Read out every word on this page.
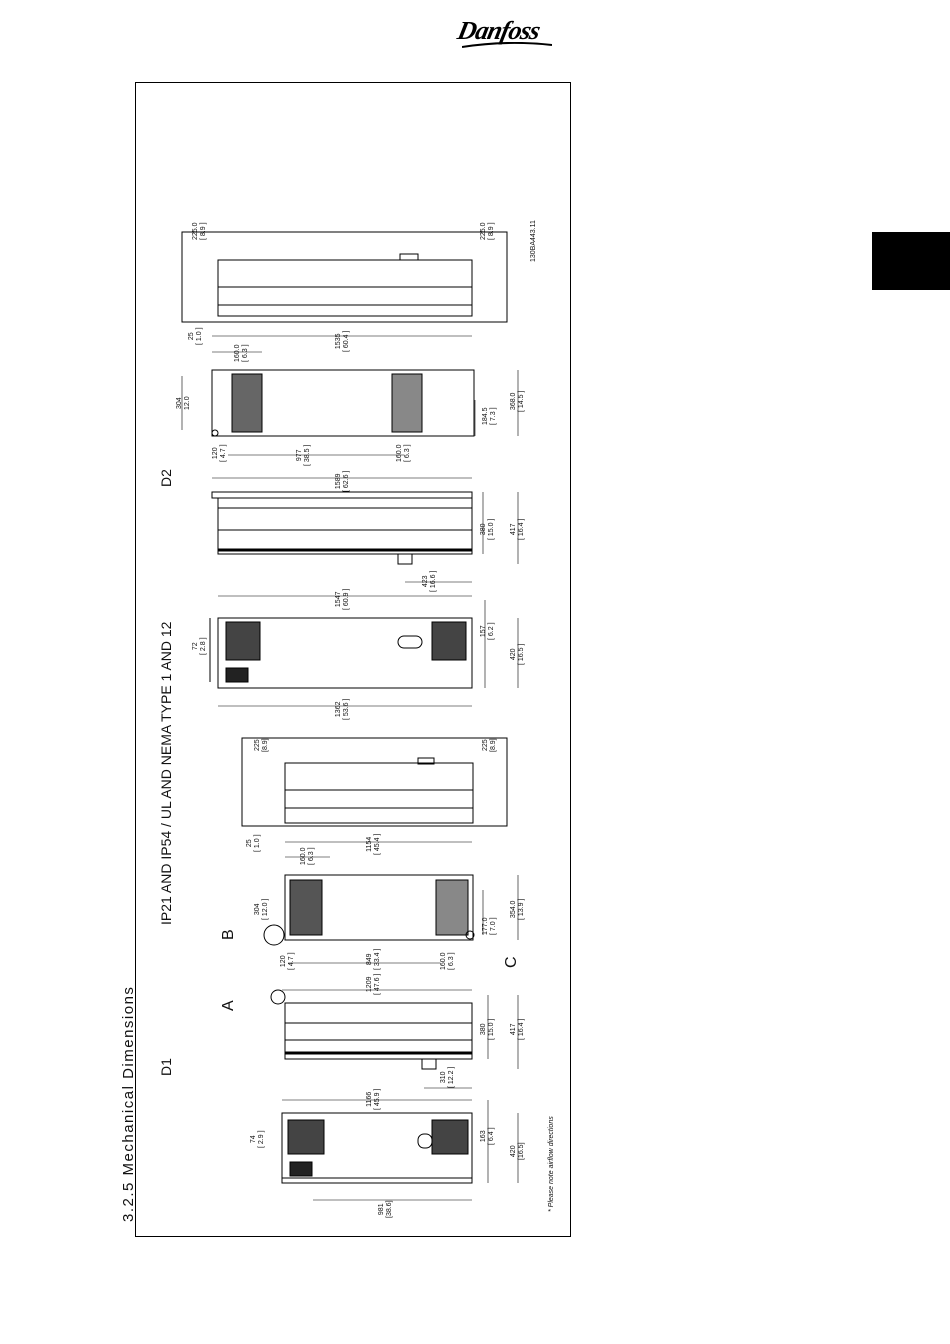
Danfoss
3.2.5 Mechanical Dimensions
IP21 AND IP54 / UL AND NEMA TYPE 1 AND 12
D1
D2
A
B
C
130BA443.11
* Please note airflow directions
74 [ 2.9 ]
981 [38.6]
163 [ 6.4 ]
420 [16.5]
1166 [ 45.9 ]
1209 [ 47.6 ]
310 [ 12.2 ]
380 [ 15.0 ] 417 [ 16.4 ]
120 [ 4.7 ]	849 [ 33.4 ]	160.0 [ 6.3 ]
304 [ 12.0 ]
177.0 [ 7.0 ]
354.0 [ 13.9 ]
25 [ 1.0 ]
160.0 [ 6.3 ]
1154 [ 45.4 ]
225 [8.9]	225 [8.9]
72 [ 2.8 ]
1362 [ 53.6 ]
157 [ 6.2 ]
420 [ 16.5 ]
1547 [ 60.9 ]
423 [ 16.6 ]
380 [ 15.0 ] 417 [ 16.4 ]
1589 [ 62.6 ]
120 [ 4.7 ]	977 [ 38.5 ]	160.0 [ 6.3 ]
304 12.0
184.5 [ 7.3 ]
368.0 [ 14.5 ]
25 [ 1.0 ]
160.0 [ 6.3 ]
1535 [ 60.4 ]
225.0 [ 8.9 ]	225.0 [ 8.9 ]
